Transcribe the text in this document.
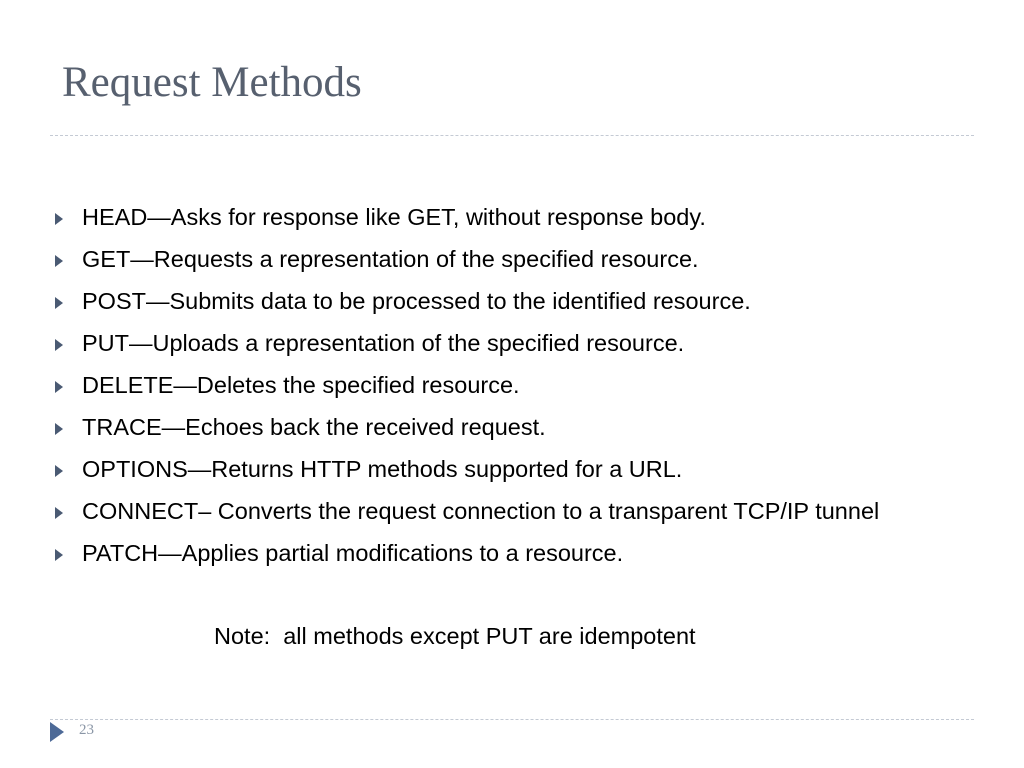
Request Methods
HEAD—Asks for response like GET, without response body.
GET—Requests a representation of the specified resource.
POST—Submits data to be processed to the identified resource.
PUT—Uploads a representation of the specified resource.
DELETE—Deletes the specified resource.
TRACE—Echoes back the received request.
OPTIONS—Returns HTTP methods supported for a URL.
CONNECT– Converts the request connection to a transparent TCP/IP tunnel
PATCH—Applies partial modifications to a resource.

Note:  all methods except PUT are idempotent

23
